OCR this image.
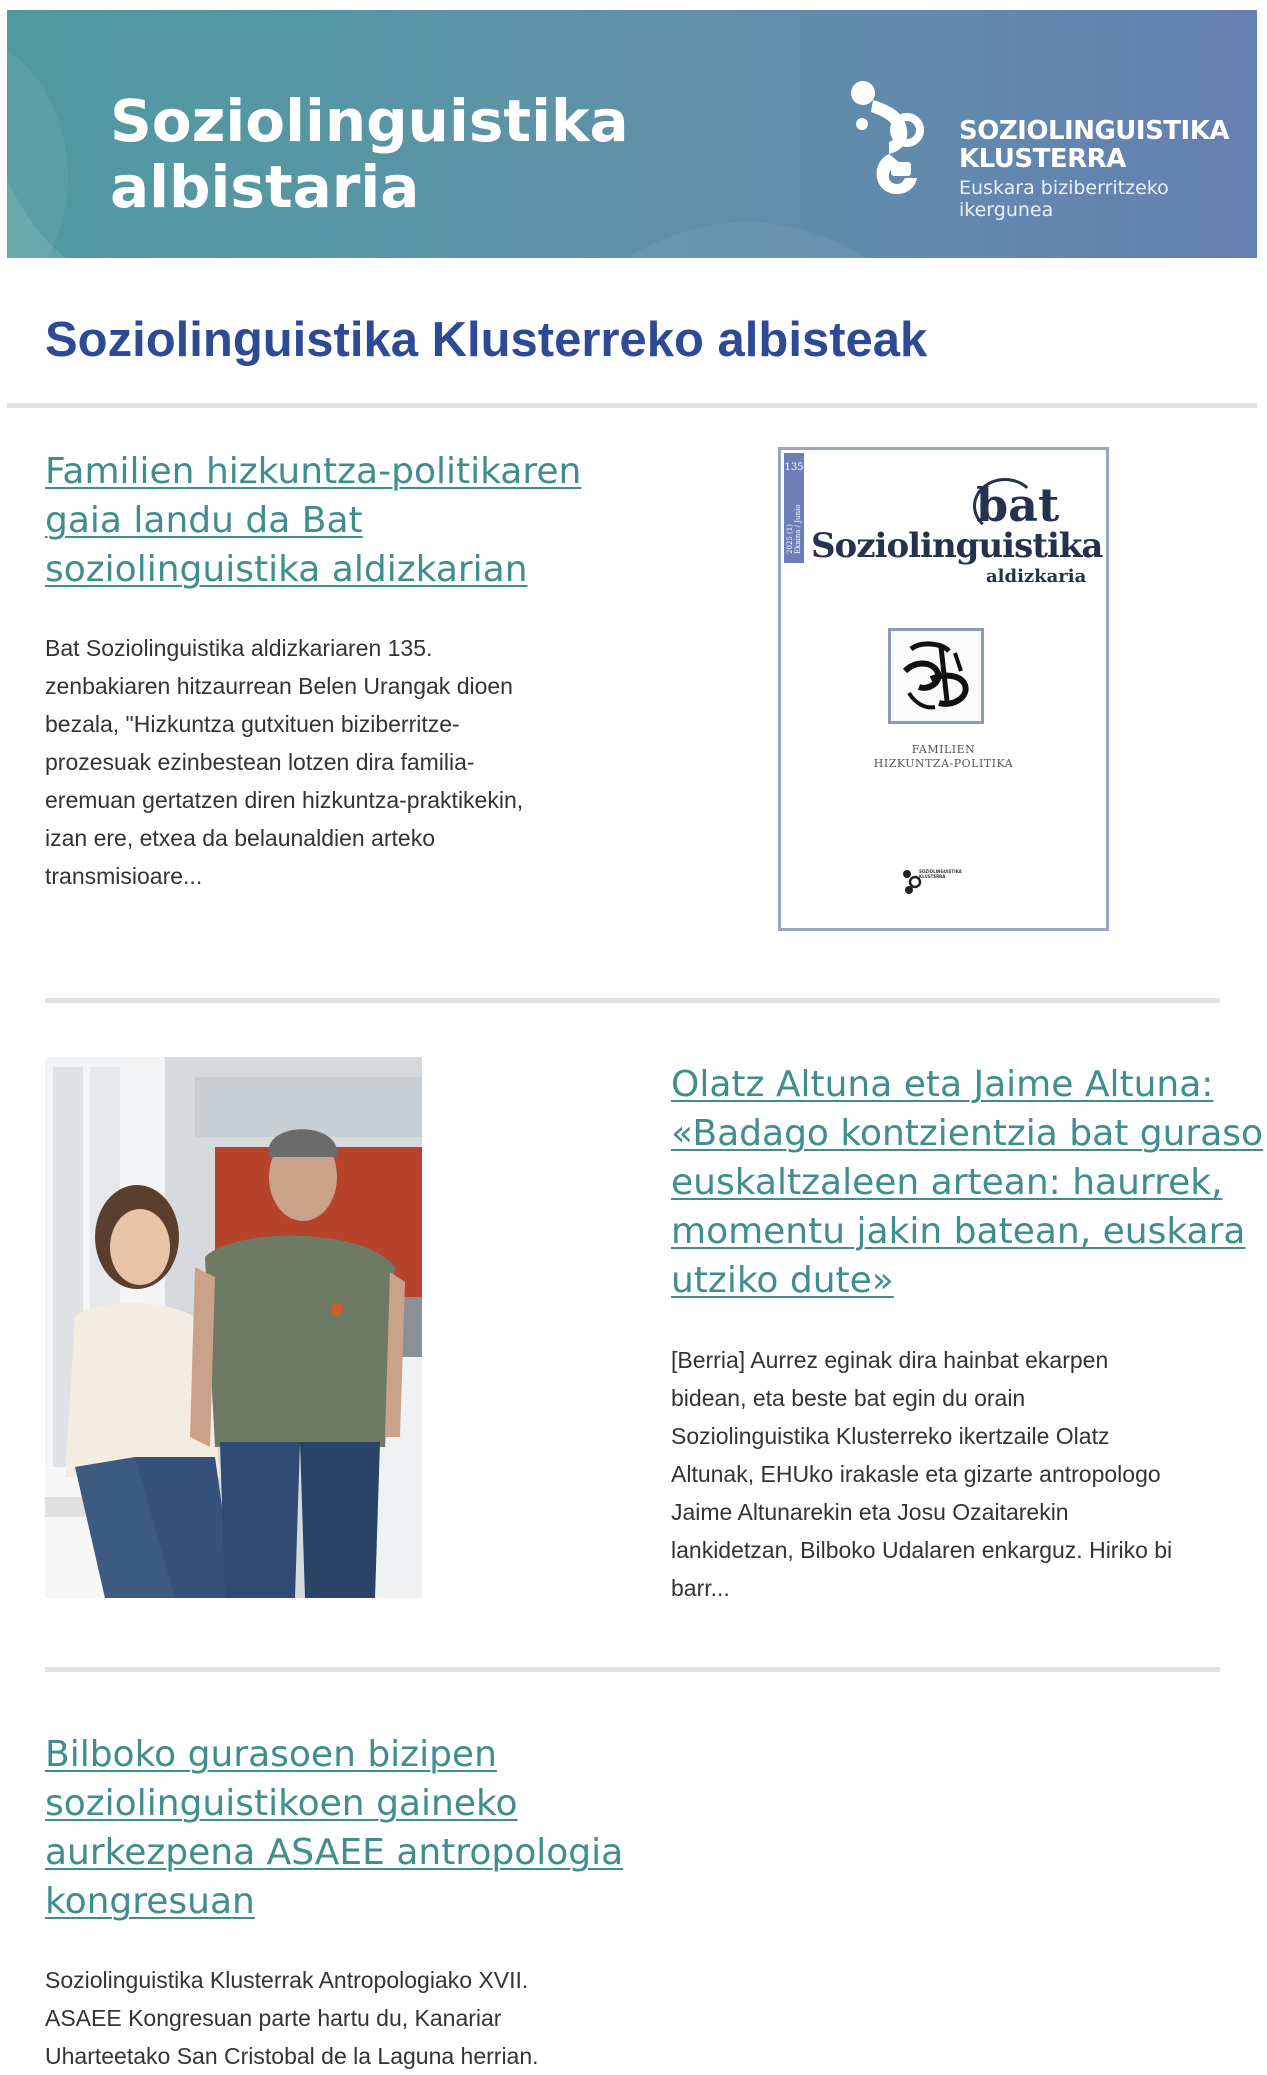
Soziolinguistika
albistaria
SOZIOLINGUISTIKA
KLUSTERRA
Euskara biziberritzeko
ikergunea
Soziolinguistika Klusterreko albisteak
Familien hizkuntza-politikaren
gaia landu da Bat
soziolinguistika aldizkarian
Bat Soziolinguistika aldizkariaren 135.
zenbakiaren hitzaurrean Belen Urangak dioen
bezala, "Hizkuntza gutxituen biziberritze-
prozesuak ezinbestean lotzen dira familia-
eremuan gertatzen diren hizkuntza-praktikekin,
izan ere, etxea da belaunaldien arteko
transmisioare...
135
2025 (1) Ekaina / Junio	bat
Soziolinguistika
aldizkaria
FAMILIEN
HIZKUNTZA-POLITIKA
SOZIOLINGUISTIKA
KLUSTERRA
Olatz Altuna eta Jaime Altuna:
«Badago kontzientzia bat guraso
euskaltzaleen artean: haurrek,
momentu jakin batean, euskara
utziko dute»
[Berria] Aurrez eginak dira hainbat ekarpen
bidean, eta beste bat egin du orain
Soziolinguistika Klusterreko ikertzaile Olatz
Altunak, EHUko irakasle eta gizarte antropologo
Jaime Altunarekin eta Josu Ozaitarekin
lankidetzan, Bilboko Udalaren enkarguz. Hiriko bi
barr...
Bilboko gurasoen bizipen
soziolinguistikoen gaineko
aurkezpena ASAEE antropologia
kongresuan
Soziolinguistika Klusterrak Antropologiako XVII.
ASAEE Kongresuan parte hartu du, Kanariar
Uharteetako San Cristobal de la Laguna herrian.
